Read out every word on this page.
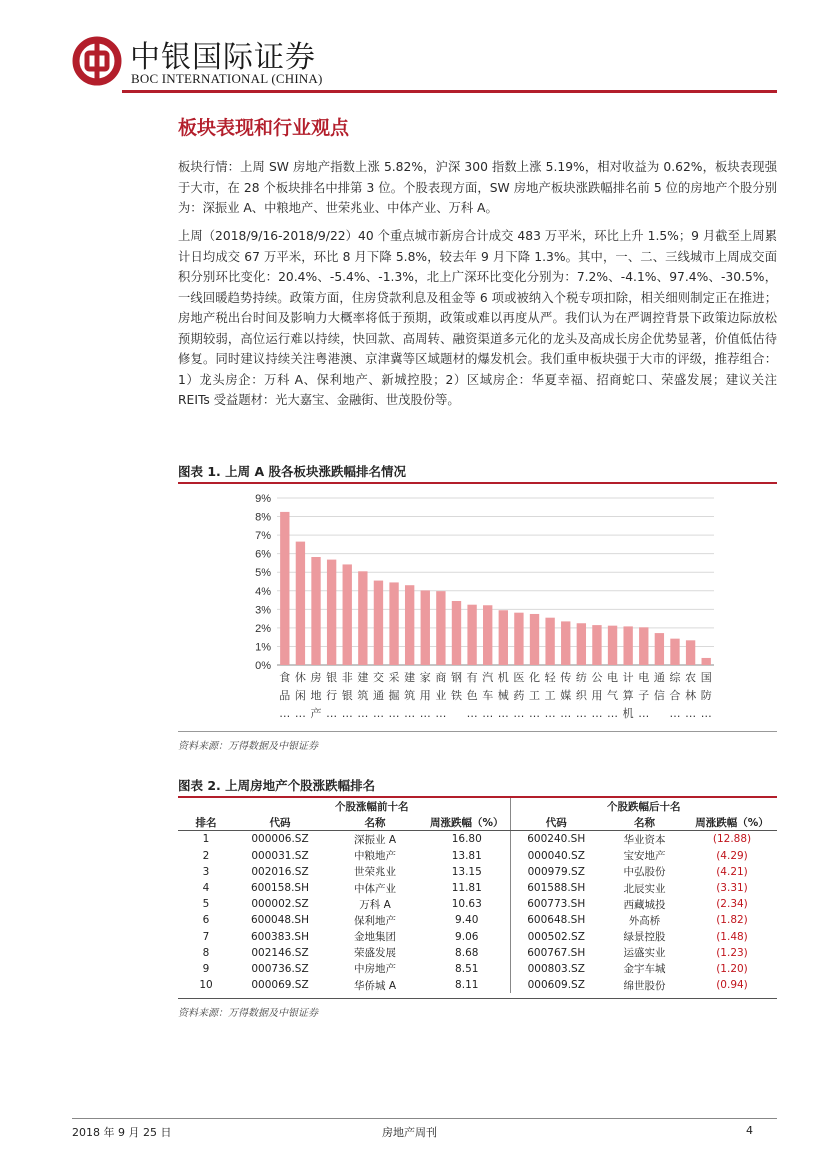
中银国际证券
BOC INTERNATIONAL (CHINA)
板块表现和行业观点
板块行情：上周 SW 房地产指数上涨 5.82%，沪深 300 指数上涨 5.19%，相对收益为 0.62%，板块表现强于大市，在 28 个板块排名中排第 3 位。个股表现方面，SW 房地产板块涨跌幅排名前 5 位的房地产个股分别为：深振业 A、中粮地产、世荣兆业、中体产业、万科 A。
上周（2018/9/16-2018/9/22）40 个重点城市新房合计成交 483 万平米，环比上升 1.5%；9 月截至上周累计日均成交 67 万平米，环比 8 月下降 5.8%，较去年 9 月下降 1.3%。其中，一、二、三线城市上周成交面积分别环比变化：20.4%、-5.4%、-1.3%，北上广深环比变化分别为：7.2%、-4.1%、97.4%、-30.5%，一线回暖趋势持续。政策方面，住房贷款利息及租金等 6 项或被纳入个税专项扣除，相关细则制定正在推进；房地产税出台时间及影响力大概率将低于预期，政策或难以再度从严。我们认为在严调控背景下政策边际放松预期较弱，高位运行难以持续，快回款、高周转、融资渠道多元化的龙头及高成长房企优势显著，价值低估待修复。同时建议持续关注粤港澳、京津冀等区域题材的爆发机会。我们重申板块强于大市的评级，推荐组合：1）龙头房企：万科 A、保利地产、新城控股；2）区域房企：华夏幸福、招商蛇口、荣盛发展；建议关注 REITs 受益题材：光大嘉宝、金融街、世茂股份等。
图表 1. 上周 A 股各板块涨跌幅排名情况
0%
1%
2%
3%
4%
5%
6%
7%
8%
9%
食品…
休闲…
房地产
银行…
非银…
建筑…
交通…
采掘…
建筑…
家用…
商业…
钢铁
有色…
汽车…
机械…
医药…
化工…
轻工…
传媒…
纺织…
公用…
电气…
计算机
电子…
通信
综合…
农林…
国防…
资料来源：万得数据及中银证券
图表 2. 上周房地产个股涨跌幅排名
	个股涨幅前十名			个股跌幅后十名		
排名	代码	名称	周涨跌幅（%）	代码	名称	周涨跌幅（%）
1	000006.SZ	深振业 A	16.80	600240.SH	华业资本	(12.88)
2	000031.SZ	中粮地产	13.81	000040.SZ	宝安地产	(4.29)
3	002016.SZ	世荣兆业	13.15	000979.SZ	中弘股份	(4.21)
4	600158.SH	中体产业	11.81	601588.SH	北辰实业	(3.31)
5	000002.SZ	万科 A	10.63	600773.SH	西藏城投	(2.34)
6	600048.SH	保利地产	9.40	600648.SH	外高桥	(1.82)
7	600383.SH	金地集团	9.06	000502.SZ	绿景控股	(1.48)
8	002146.SZ	荣盛发展	8.68	600767.SH	运盛实业	(1.23)
9	000736.SZ	中房地产	8.51	000803.SZ	金宇车城	(1.20)
10	000069.SZ	华侨城 A	8.11	000609.SZ	绵世股份	(0.94)
资料来源：万得数据及中银证券
2018 年 9 月 25 日	房地产周刊	4
